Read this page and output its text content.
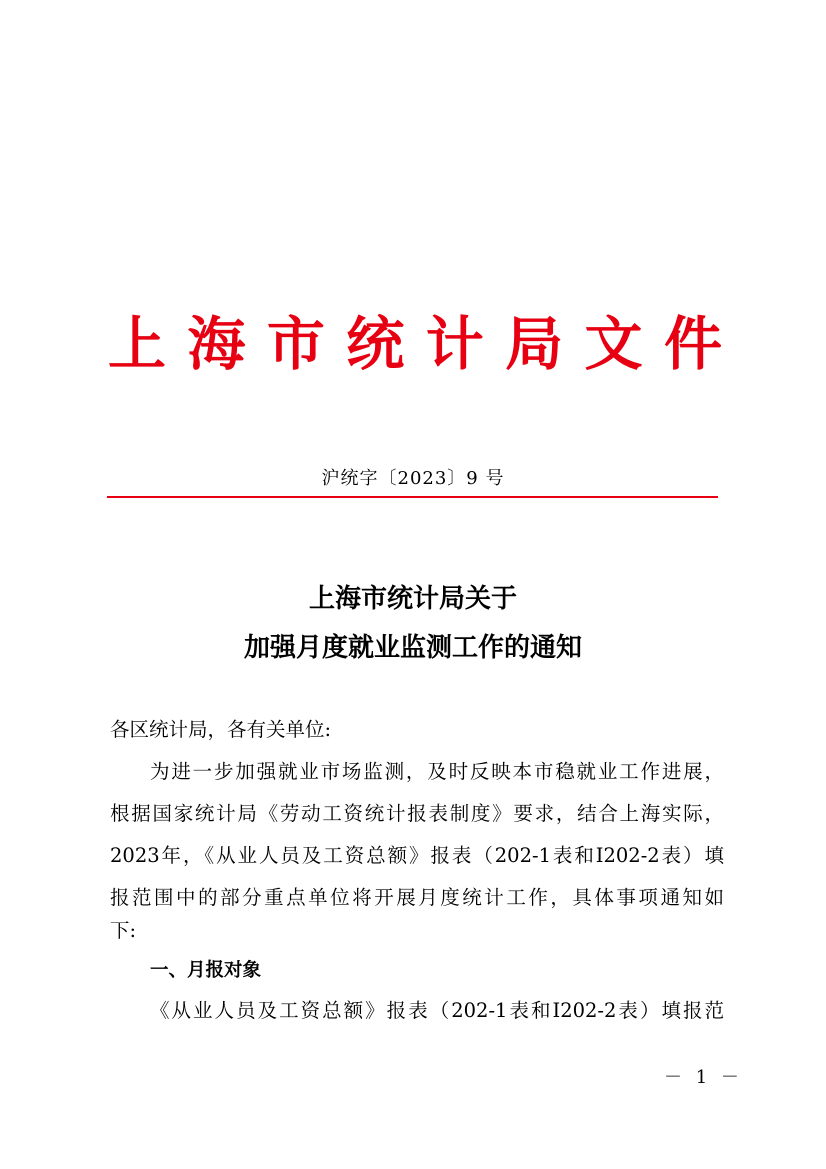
上 海 市 统 计 局 文 件
沪统字〔2023〕9 号
上海市统计局关于
加强月度就业监测工作的通知
各区统计局，各有关单位:
为进一步加强就业市场监测，及时反映本市稳就业工作进展，
根据国家统计局《劳动工资统计报表制度》要求，结合上海实际，
2023年，《从业人员及工资总额》报表（202-1表和I202-2表）填
报范围中的部分重点单位将开展月度统计工作，具体事项通知如
下:
一、月报对象
《从业人员及工资总额》报表（202-1表和I202-2表）填报范
－ 1 －
